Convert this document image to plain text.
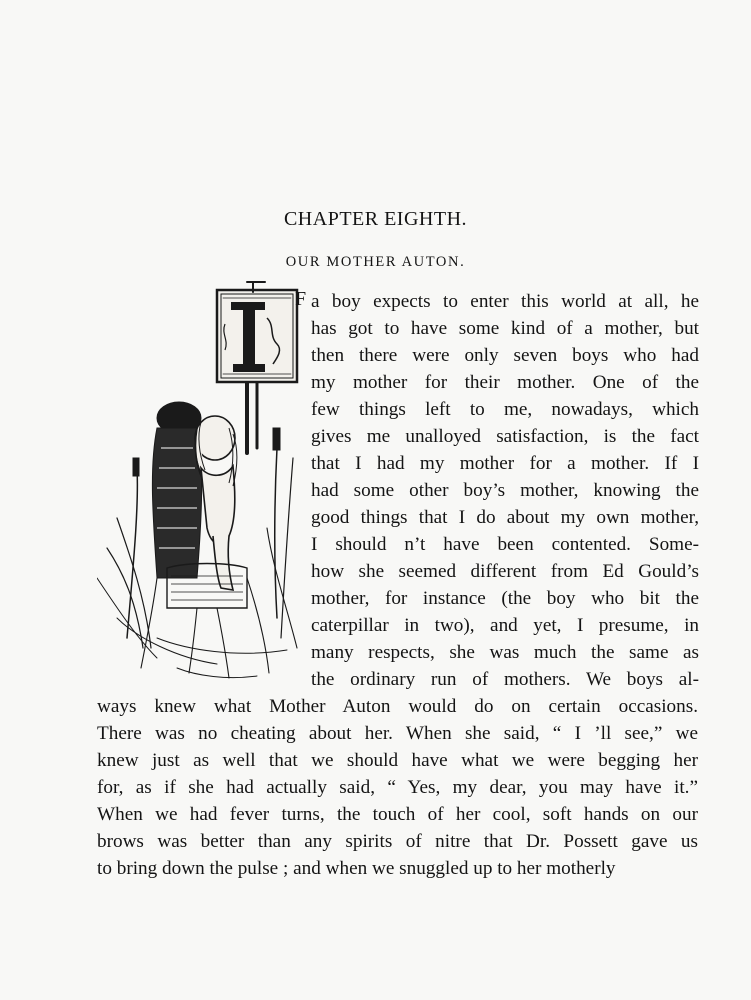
CHAPTER EIGHTH.
OUR MOTHER AUTON.
F a boy expects to enter this world at all, he
has got to have some kind of a mother, but
then there were only seven boys who had
my mother for their mother. One of the
few things left to me, nowadays, which
gives me unalloyed satisfaction, is the fact
that I had my mother for a mother. If I
had some other boy’s mother, knowing the
good things that I do about my own mother,
I should n’t have been contented. Some-
how she seemed different from Ed Gould’s
mother, for instance (the boy who bit the
caterpillar in two), and yet, I presume, in
many respects, she was much the same as
the ordinary run of mothers. We boys al-
ways knew what Mother Auton would do on certain occasions.
There was no cheating about her. When she said, “ I ’ll see,” we
knew just as well that we should have what we were begging her
for, as if she had actually said, “ Yes, my dear, you may have it.”
When we had fever turns, the touch of her cool, soft hands on our
brows was better than any spirits of nitre that Dr. Possett gave us
to bring down the pulse ; and when we snuggled up to her motherly
